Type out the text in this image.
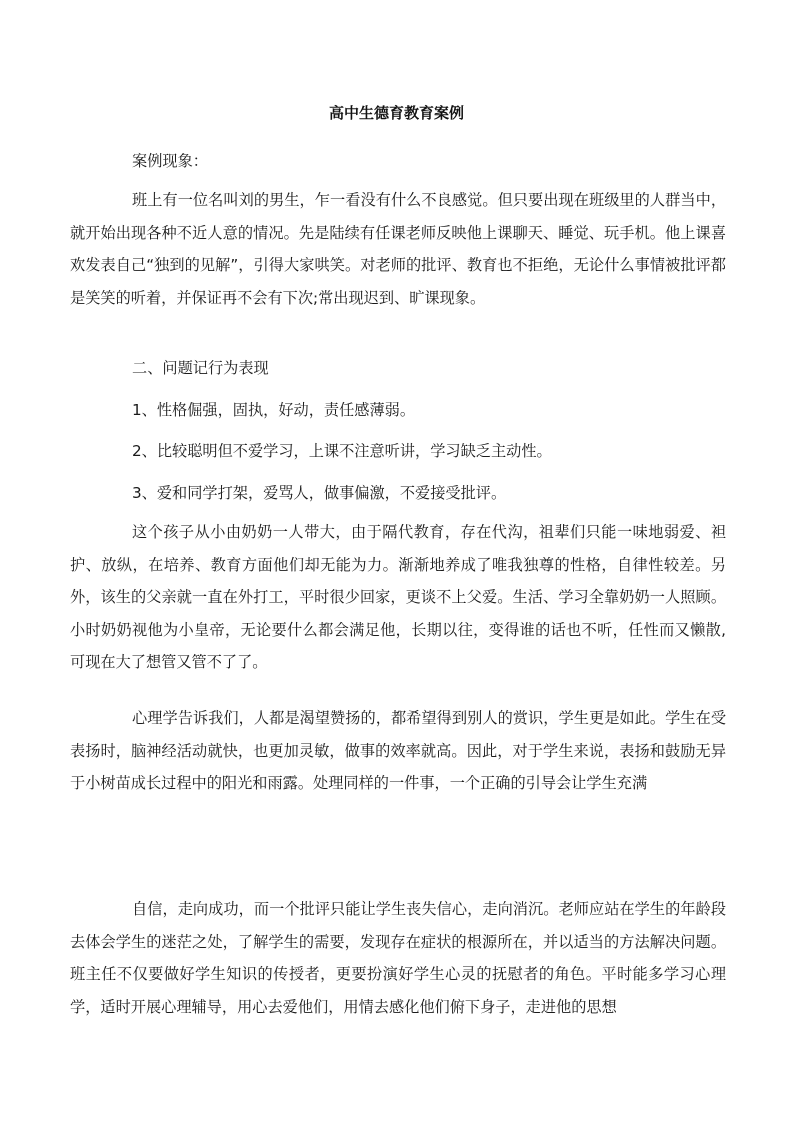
高中生德育教育案例
案例现象：
班上有一位名叫刘的男生，乍一看没有什么不良感觉。但只要出现在班级里的人群当中，就开始出现各种不近人意的情况。先是陆续有任课老师反映他上课聊天、睡觉、玩手机。他上课喜欢发表自己“独到的见解”，引得大家哄笑。对老师的批评、教育也不拒绝，无论什么事情被批评都是笑笑的听着，并保证再不会有下次;常出现迟到、旷课现象。
二、问题记行为表现
1、性格倔强，固执，好动，责任感薄弱。
2、比较聪明但不爱学习，上课不注意听讲，学习缺乏主动性。
3、爱和同学打架，爱骂人，做事偏激，不爱接受批评。
这个孩子从小由奶奶一人带大，由于隔代教育，存在代沟，祖辈们只能一味地弱爱、袒护、放纵，在培养、教育方面他们却无能为力。渐渐地养成了唯我独尊的性格，自律性较差。另外，该生的父亲就一直在外打工，平时很少回家，更谈不上父爱。生活、学习全靠奶奶一人照顾。小时奶奶视他为小皇帝，无论要什么都会满足他，长期以往，变得谁的话也不听，任性而又懒散,可现在大了想管又管不了了。
心理学告诉我们，人都是渴望赞扬的，都希望得到别人的赏识，学生更是如此。学生在受表扬时，脑神经活动就快，也更加灵敏，做事的效率就高。因此，对于学生来说，表扬和鼓励无异于小树苗成长过程中的阳光和雨露。处理同样的一件事，一个正确的引导会让学生充满
自信，走向成功，而一个批评只能让学生丧失信心，走向消沉。老师应站在学生的年龄段去体会学生的迷茫之处，了解学生的需要，发现存在症状的根源所在，并以适当的方法解决问题。班主任不仅要做好学生知识的传授者，更要扮演好学生心灵的抚慰者的角色。平时能多学习心理学，适时开展心理辅导，用心去爱他们，用情去感化他们俯下身子，走进他的思想
